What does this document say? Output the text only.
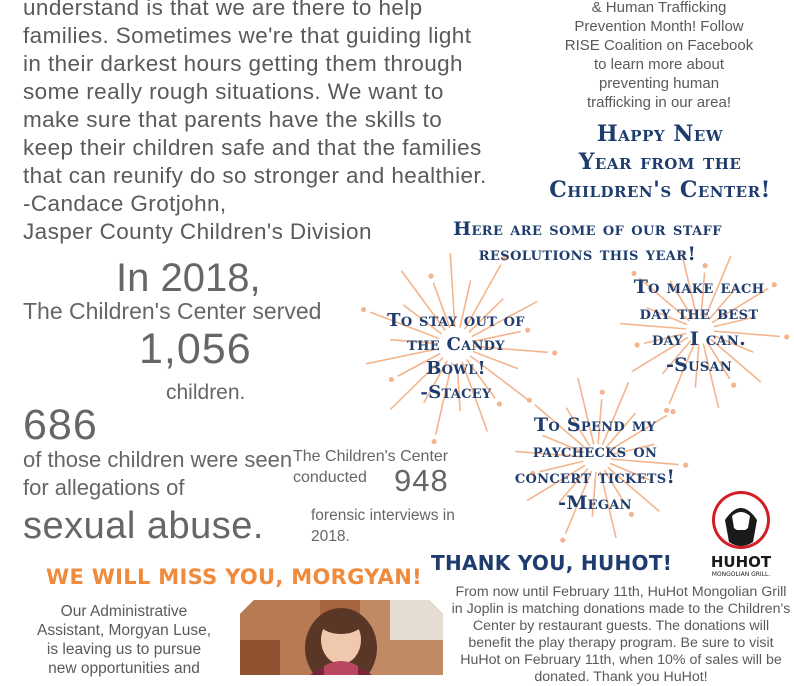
understand is that we are there to help

families. Sometimes we're that guiding light

in their darkest hours getting them through

some really rough situations. We want to

make sure that parents have the skills to

keep their children safe and that the families

that can reunify do so stronger and healthier.

-Candace Grotjohn,

Jasper County Children's Division

& Human Trafficking
Prevention Month! Follow
RISE Coalition on Facebook
to learn more about
preventing human
trafficking in our area!
Happy New
Year from the
Children's Center!
Here are some of our staff
resolutions this year!
To stay out of
the Candy Bowl!
-Stacey
To make each
day the best
day I can.
-Susan
To Spend my
paychecks on
concert tickets!
-Megan
In 2018,
The Children's Center served
1,056
children.
686
of those children were seen for allegations of
sexual abuse.
The Children's Center conducted 948
forensic interviews in 2018.
WE WILL MISS YOU, MORGYAN!
Our Administrative
Assistant, Morgyan Luse,
is leaving us to pursue
new opportunities and
THANK YOU, HUHOT!
From now until February 11th, HuHot Mongolian Grill in Joplin is matching donations made to the Children's Center by restaurant guests. The donations will benefit the play therapy program. Be sure to visit HuHot on February 11th, when 10% of sales will be donated. Thank you HuHot!
HUHOT
MONGOLIAN GRILL.
